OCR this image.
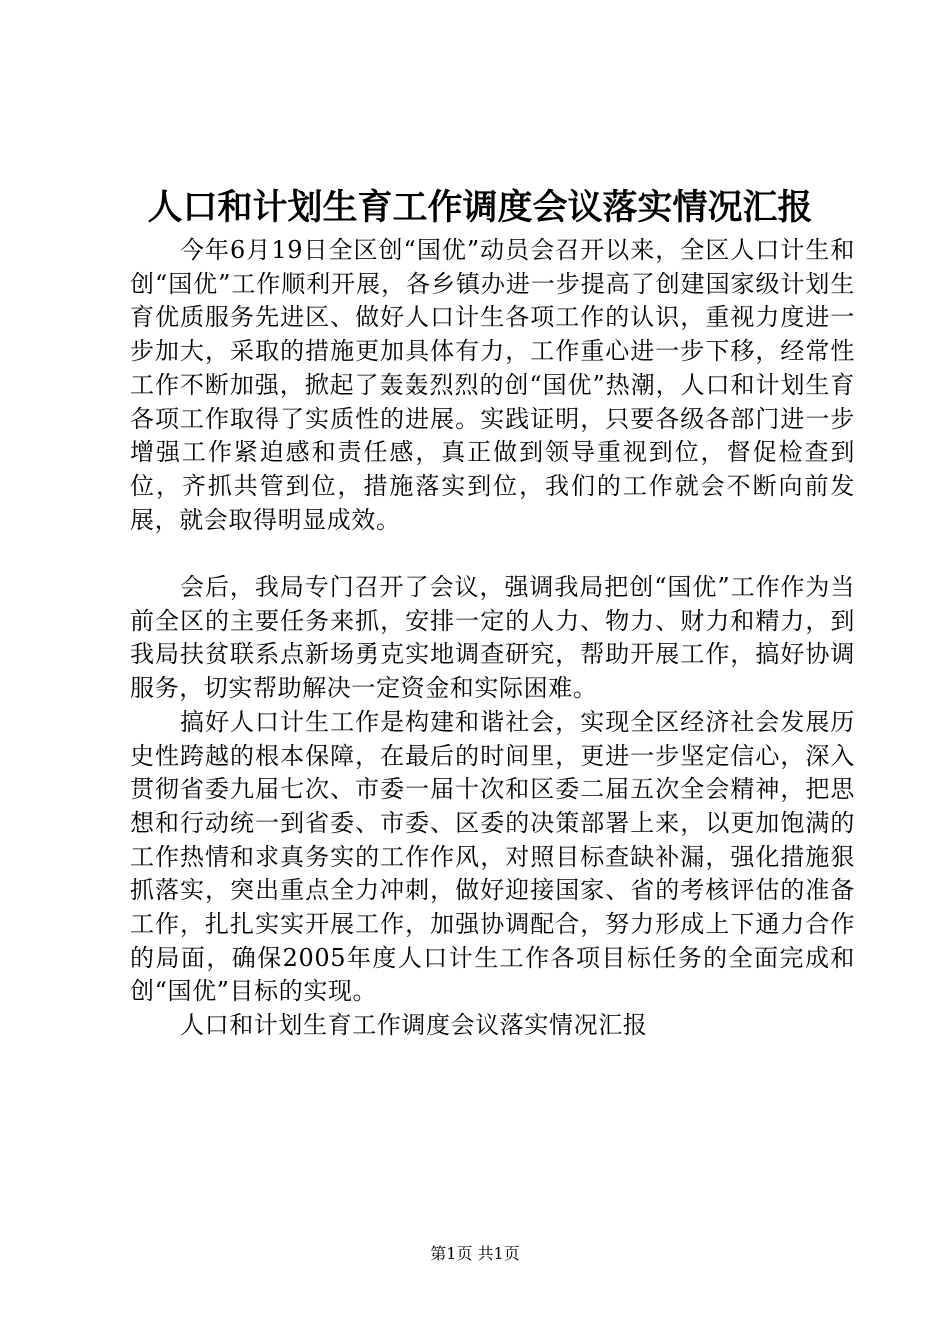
人口和计划生育工作调度会议落实情况汇报

今年6月19日全区创“国优”动员会召开以来，全区人口计生和创“国优”工作顺利开展，各乡镇办进一步提高了创建国家级计划生育优质服务先进区、做好人口计生各项工作的认识，重视力度进一步加大，采取的措施更加具体有力，工作重心进一步下移，经常性工作不断加强，掀起了轰轰烈烈的创“国优”热潮，人口和计划生育各项工作取得了实质性的进展。实践证明，只要各级各部门进一步增强工作紧迫感和责任感，真正做到领导重视到位，督促检查到位，齐抓共管到位，措施落实到位，我们的工作就会不断向前发展，就会取得明显成效。

会后，我局专门召开了会议，强调我局把创“国优”工作作为当前全区的主要任务来抓，安排一定的人力、物力、财力和精力，到我局扶贫联系点新场勇克实地调查研究，帮助开展工作，搞好协调服务，切实帮助解决一定资金和实际困难。

搞好人口计生工作是构建和谐社会，实现全区经济社会发展历史性跨越的根本保障，在最后的时间里，更进一步坚定信心，深入贯彻省委九届七次、市委一届十次和区委二届五次全会精神，把思想和行动统一到省委、市委、区委的决策部署上来，以更加饱满的工作热情和求真务实的工作作风，对照目标查缺补漏，强化措施狠抓落实，突出重点全力冲刺，做好迎接国家、省的考核评估的准备工作，扎扎实实开展工作，加强协调配合，努力形成上下通力合作的局面，确保2005年度人口计生工作各项目标任务的全面完成和创“国优”目标的实现。

人口和计划生育工作调度会议落实情况汇报

第1页 共1页
